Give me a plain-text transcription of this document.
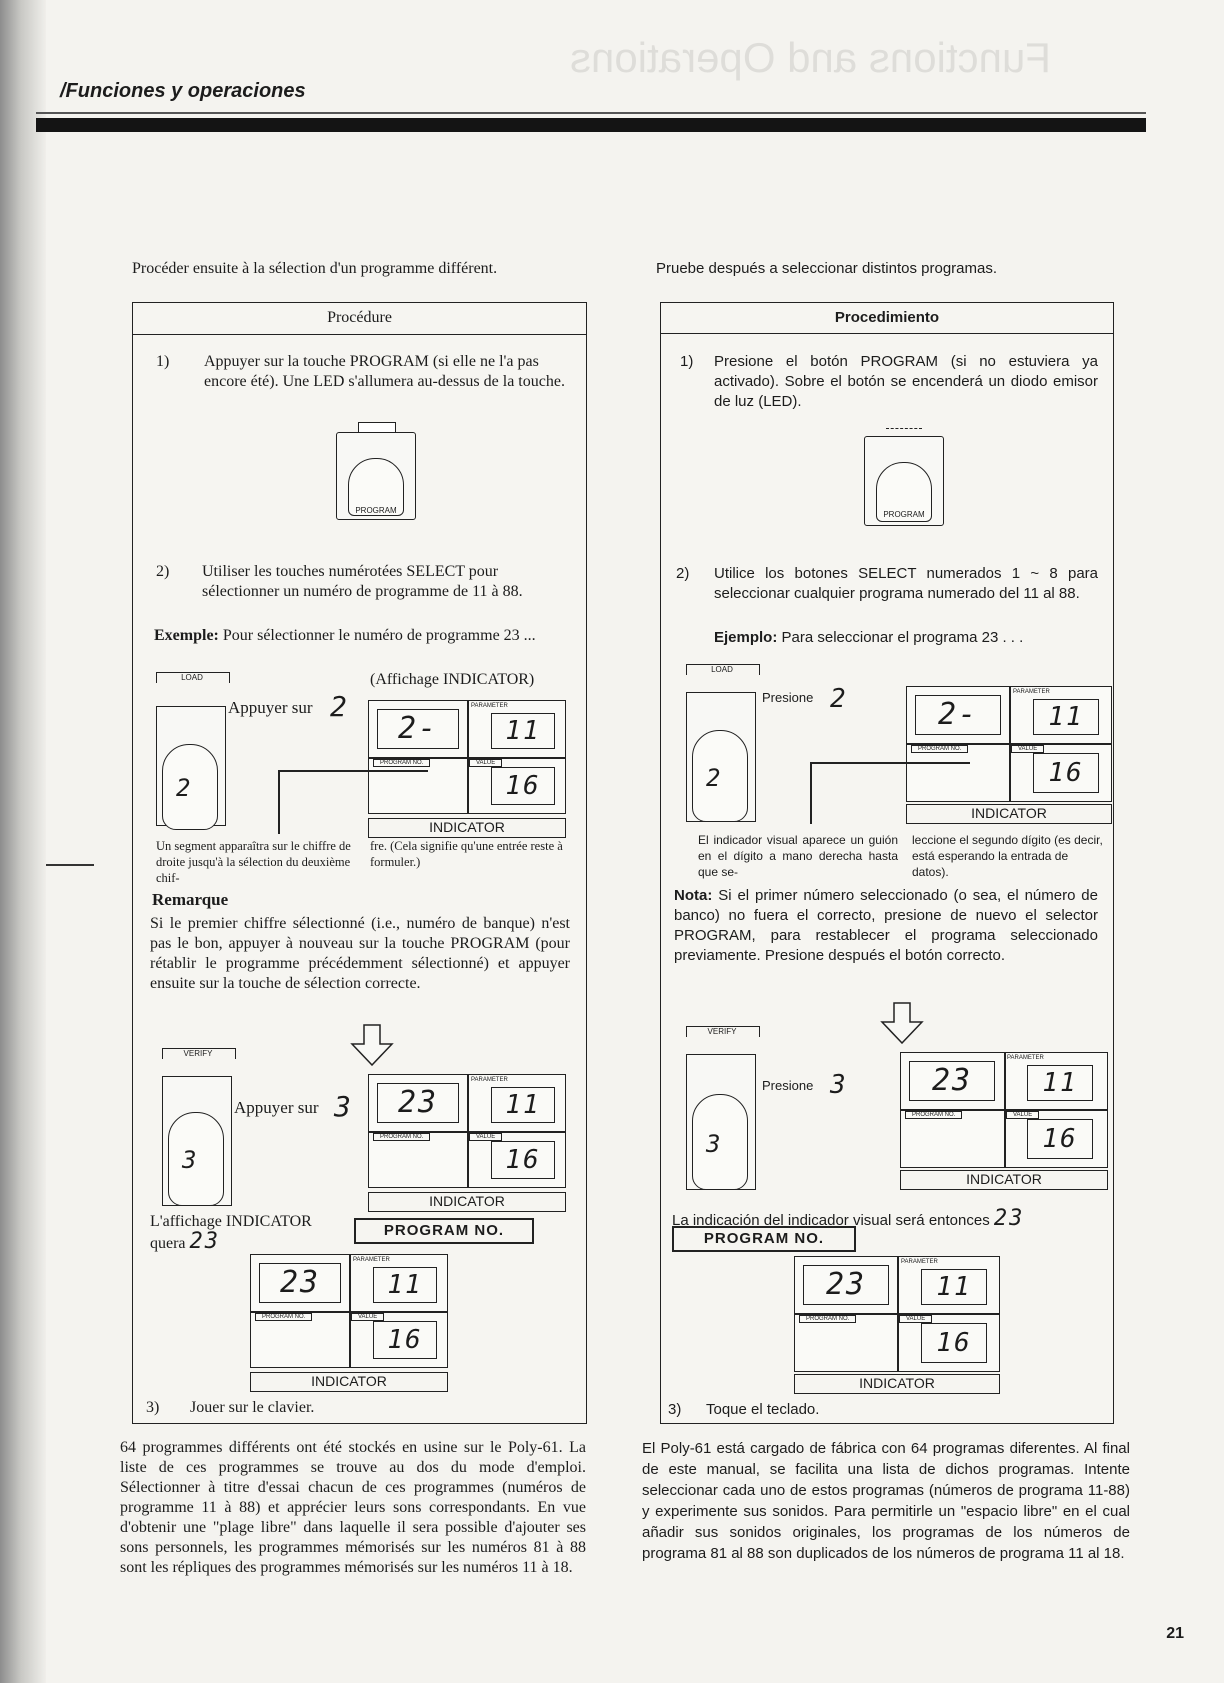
Functions and Operations
/Funciones y operaciones
Procéder ensuite à la sélection d'un programme différent.
Procédure
1) Appuyer sur la touche PROGRAM (si elle ne l'a pas encore été). Une LED s'allumera au-dessus de la touche.
PROGRAM
2) Utiliser les touches numérotées SELECT pour sélectionner un numéro de programme de 11 à 88.
Exemple: Pour sélectionner le numéro de programme 23 ...
(Affichage INDICATOR)
LOAD
2
Appuyer sur 2	PARAMETER
2-
PROGRAM NO.
11
VALUE
16
INDICATOR
Un segment apparaîtra sur le chiffre de droite jusqu'à la sélection du deuxième chif-
fre. (Cela signifie qu'une entrée reste à formuler.)
Remarque
Si le premier chiffre sélectionné (i.e., numéro de banque) n'est pas le bon, appuyer à nouveau sur la touche PROGRAM (pour rétablir le programme précédemment sélectionné) et appuyer ensuite sur la touche de sélection correcte.
VERIFY
3
Appuyer sur 3
PARAMETER
23
PROGRAM NO.
11
VALUE
16
INDICATOR
L'affichage INDICATOR quera 23	PROGRAM NO.
PARAMETER
23
PROGRAM NO.
11
VALUE
16
INDICATOR
3) Jouer sur le clavier.
64 programmes différents ont été stockés en usine sur le Poly-61. La liste de ces programmes se trouve au dos du mode d'emploi. Sélectionner à titre d'essai chacun de ces programmes (numéros de programme 11 à 88) et apprécier leurs sons correspondants. En vue d'obtenir une "plage libre" dans laquelle il sera possible d'ajouter ses sons personnels, les programmes mémorisés sur les numéros 81 à 88 sont les répliques des programmes mémorisés sur les numéros 11 à 18.
Pruebe después a seleccionar distintos programas.
Procedimiento
1) Presione el botón PROGRAM (si no estuviera ya activado). Sobre el botón se encenderá un diodo emisor de luz (LED).
PROGRAM
2) Utilice los botones SELECT numerados 1 ~ 8 para seleccionar cualquier programa numerado del 11 al 88.
Ejemplo: Para seleccionar el programa 23 . . .
LOAD
2
Presione 2	PARAMETER
2-
PROGRAM NO.
11
VALUE
16
INDICATOR
El indicador visual aparece un guión en el dígito a mano derecha hasta que se-
leccione el segundo dígito (es decir, está esperando la entrada de datos).
Nota: Si el primer número seleccionado (o sea, el número de banco) no fuera el correcto, presione de nuevo el selector PROGRAM, para restablecer el programa seleccionado previamente. Presione después el botón correcto.
VERIFY
3
Presione 3
PARAMETER
23
PROGRAM NO.
11
VALUE
16
INDICATOR
La indicación del indicador visual será entonces 23
PROGRAM NO.
PARAMETER
23
PROGRAM NO.
11
VALUE
16
INDICATOR
3) Toque el teclado.
El Poly-61 está cargado de fábrica con 64 programas diferentes. Al final de este manual, se facilita una lista de dichos programas. Intente seleccionar cada uno de estos programas (números de programa 11-88) y experimente sus sonidos. Para permitirle un "espacio libre" en el cual añadir sus sonidos originales, los programas de los números de programa 81 al 88 son duplicados de los números de programa 11 al 18.
21
